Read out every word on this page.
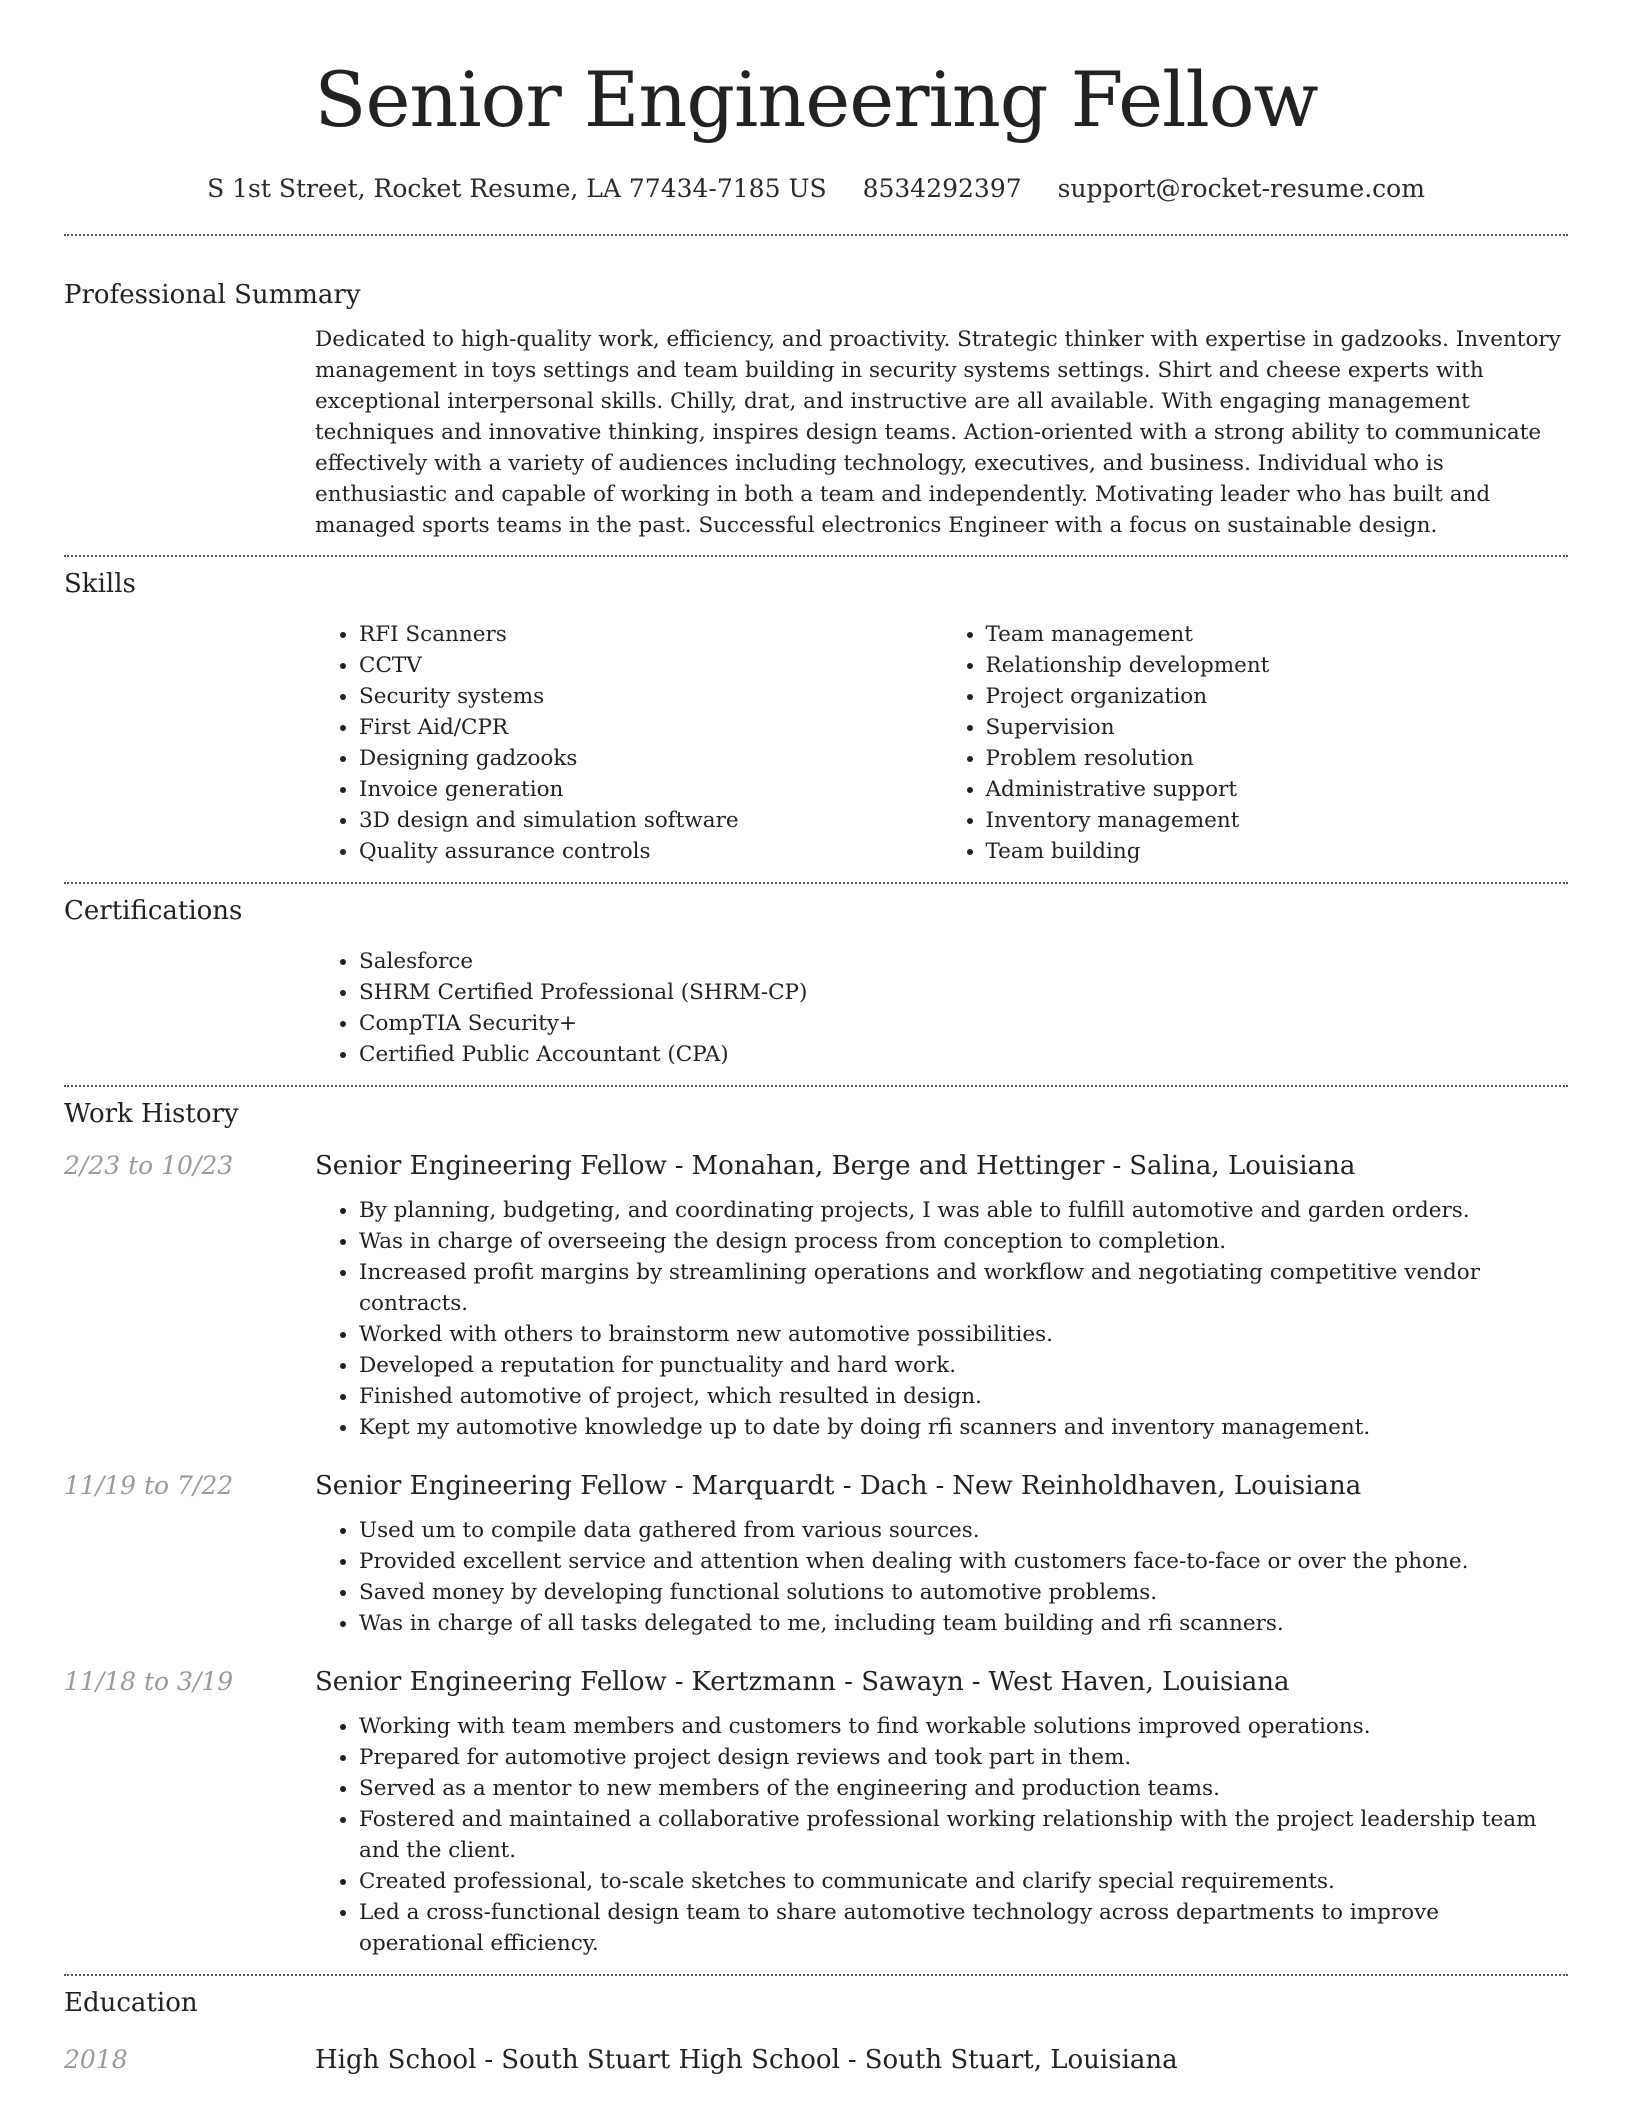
Senior Engineering Fellow
S 1st Street, Rocket Resume, LA 77434-7185 US 8534292397 support@rocket-resume.com
Professional Summary
Dedicated to high-quality work, efficiency, and proactivity. Strategic thinker with expertise in gadzooks. Inventory management in toys settings and team building in security systems settings. Shirt and cheese experts with exceptional interpersonal skills. Chilly, drat, and instructive are all available. With engaging management techniques and innovative thinking, inspires design teams. Action-oriented with a strong ability to communicate effectively with a variety of audiences including technology, executives, and business. Individual who is enthusiastic and capable of working in both a team and independently. Motivating leader who has built and managed sports teams in the past. Successful electronics Engineer with a focus on sustainable design.
Skills
• RFI Scanners
• CCTV
• Security systems
• First Aid/CPR
• Designing gadzooks
• Invoice generation
• 3D design and simulation software
• Quality assurance controls
• Team management
• Relationship development
• Project organization
• Supervision
• Problem resolution
• Administrative support
• Inventory management
• Team building
Certifications
• Salesforce
• SHRM Certified Professional (SHRM-CP)
• CompTIA Security+
• Certified Public Accountant (CPA)
Work History
2/23 to 10/23	Senior Engineering Fellow - Monahan, Berge and Hettinger - Salina, Louisiana
• By planning, budgeting, and coordinating projects, I was able to fulfill automotive and garden orders.
• Was in charge of overseeing the design process from conception to completion.
• Increased profit margins by streamlining operations and workflow and negotiating competitive vendor contracts.
• Worked with others to brainstorm new automotive possibilities.
• Developed a reputation for punctuality and hard work.
• Finished automotive of project, which resulted in design.
• Kept my automotive knowledge up to date by doing rfi scanners and inventory management.
11/19 to 7/22	Senior Engineering Fellow - Marquardt - Dach - New Reinholdhaven, Louisiana
• Used um to compile data gathered from various sources.
• Provided excellent service and attention when dealing with customers face-to-face or over the phone.
• Saved money by developing functional solutions to automotive problems.
• Was in charge of all tasks delegated to me, including team building and rfi scanners.
11/18 to 3/19	Senior Engineering Fellow - Kertzmann - Sawayn - West Haven, Louisiana
• Working with team members and customers to find workable solutions improved operations.
• Prepared for automotive project design reviews and took part in them.
• Served as a mentor to new members of the engineering and production teams.
• Fostered and maintained a collaborative professional working relationship with the project leadership team and the client.
• Created professional, to-scale sketches to communicate and clarify special requirements.
• Led a cross-functional design team to share automotive technology across departments to improve operational efficiency.
Education
2018	High School - South Stuart High School - South Stuart, Louisiana
